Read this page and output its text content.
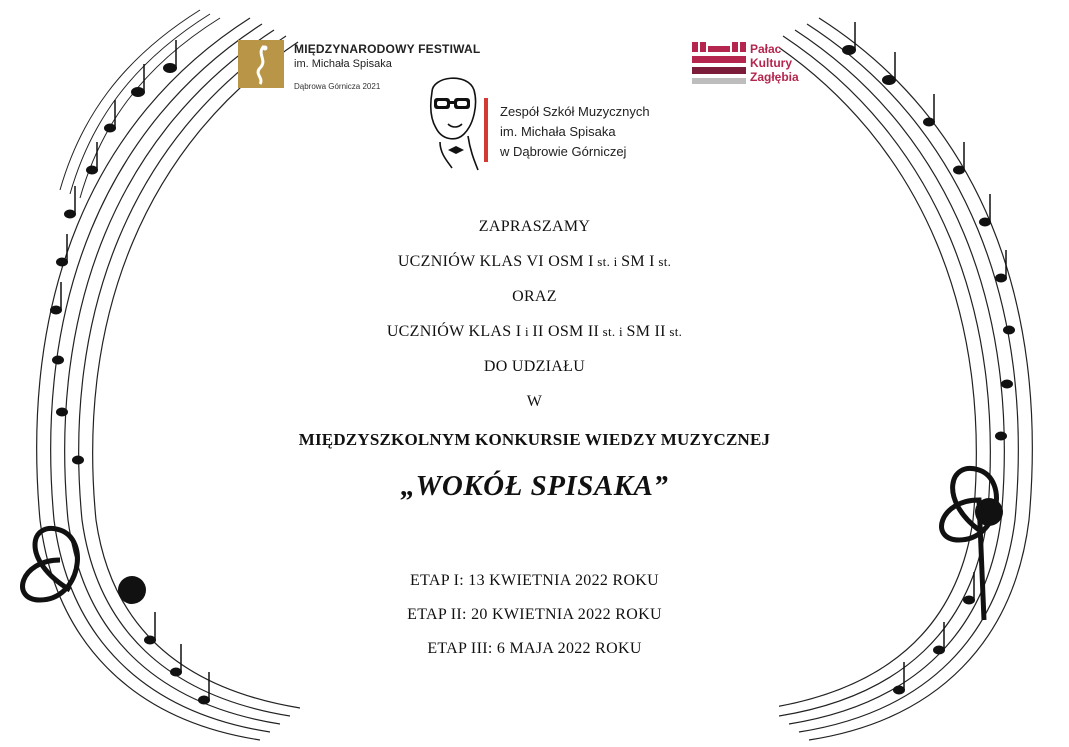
MIĘDZYNARODOWY FESTIWAL
im. Michała Spisaka
Dąbrowa Górnicza 2021
Zespół Szkół Muzycznych
im. Michała Spisaka
w Dąbrowie Górniczej
Pałac
Kultury
Zagłębia
ZAPRASZAMY
UCZNIÓW KLAS VI OSM I st. i SM I st.
ORAZ
UCZNIÓW KLAS I i II OSM II st. i SM II st.
DO UDZIAŁU
W
MIĘDZYSZKOLNYM KONKURSIE WIEDZY MUZYCZNEJ
„WOKÓŁ SPISAKA”
ETAP I: 13 KWIETNIA 2022 ROKU
ETAP II: 20 KWIETNIA 2022 ROKU
ETAP III: 6 MAJA 2022 ROKU
